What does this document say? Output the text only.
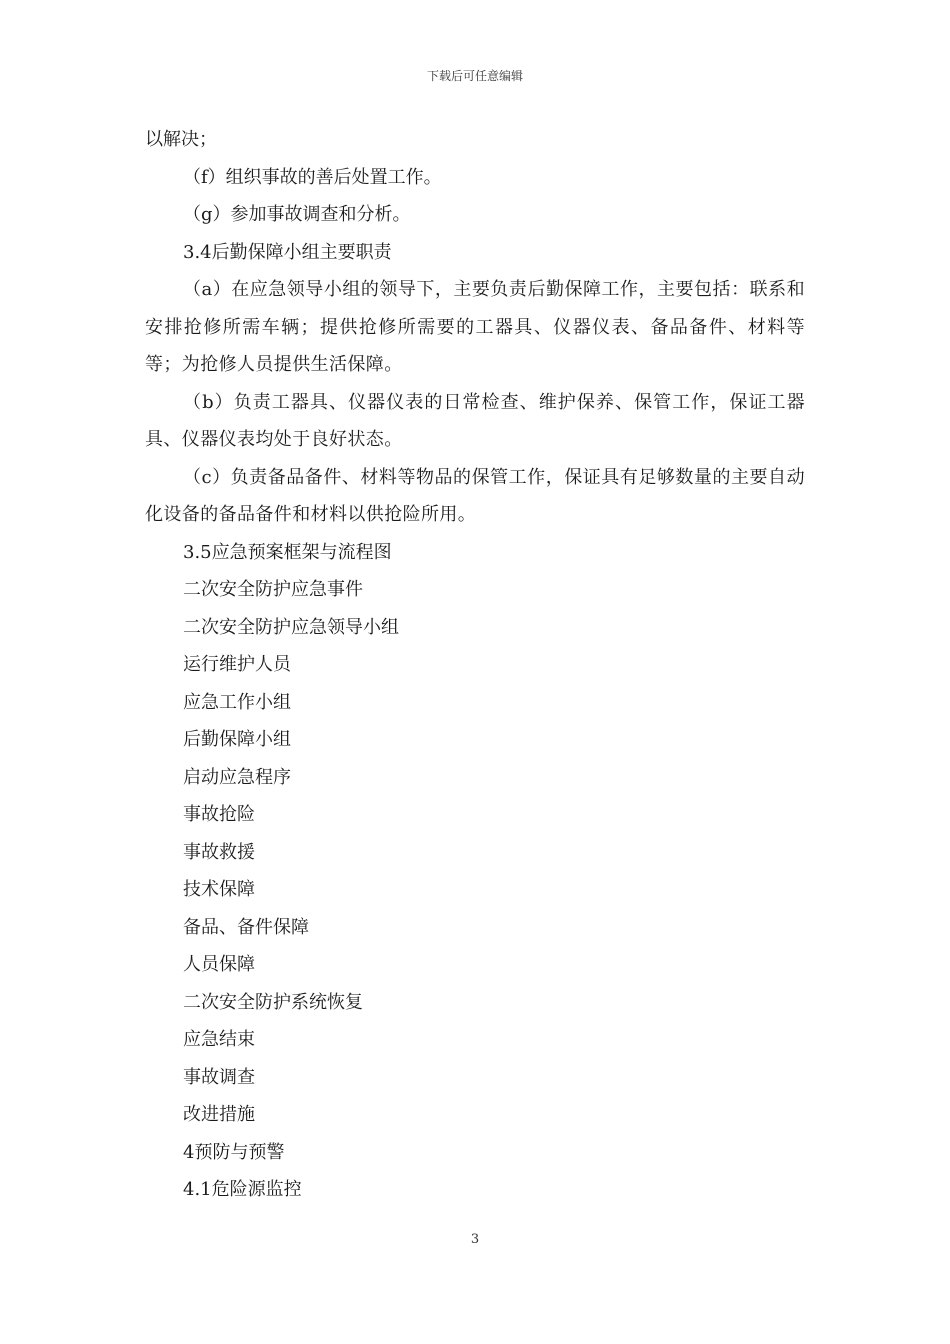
下载后可任意编辑

以解决；

（f）组织事故的善后处置工作。

（g）参加事故调查和分析。

3.4后勤保障小组主要职责

（a）在应急领导小组的领导下，主要负责后勤保障工作，主要包括：联系和安排抢修所需车辆；提供抢修所需要的工器具、仪器仪表、备品备件、材料等等；为抢修人员提供生活保障。

（b）负责工器具、仪器仪表的日常检查、维护保养、保管工作，保证工器具、仪器仪表均处于良好状态。

（c）负责备品备件、材料等物品的保管工作，保证具有足够数量的主要自动化设备的备品备件和材料以供抢险所用。

3.5应急预案框架与流程图

二次安全防护应急事件

二次安全防护应急领导小组

运行维护人员

应急工作小组

后勤保障小组

启动应急程序

事故抢险

事故救援

技术保障

备品、备件保障

人员保障

二次安全防护系统恢复

应急结束

事故调查

改进措施

4预防与预警

4.1危险源监控

3
